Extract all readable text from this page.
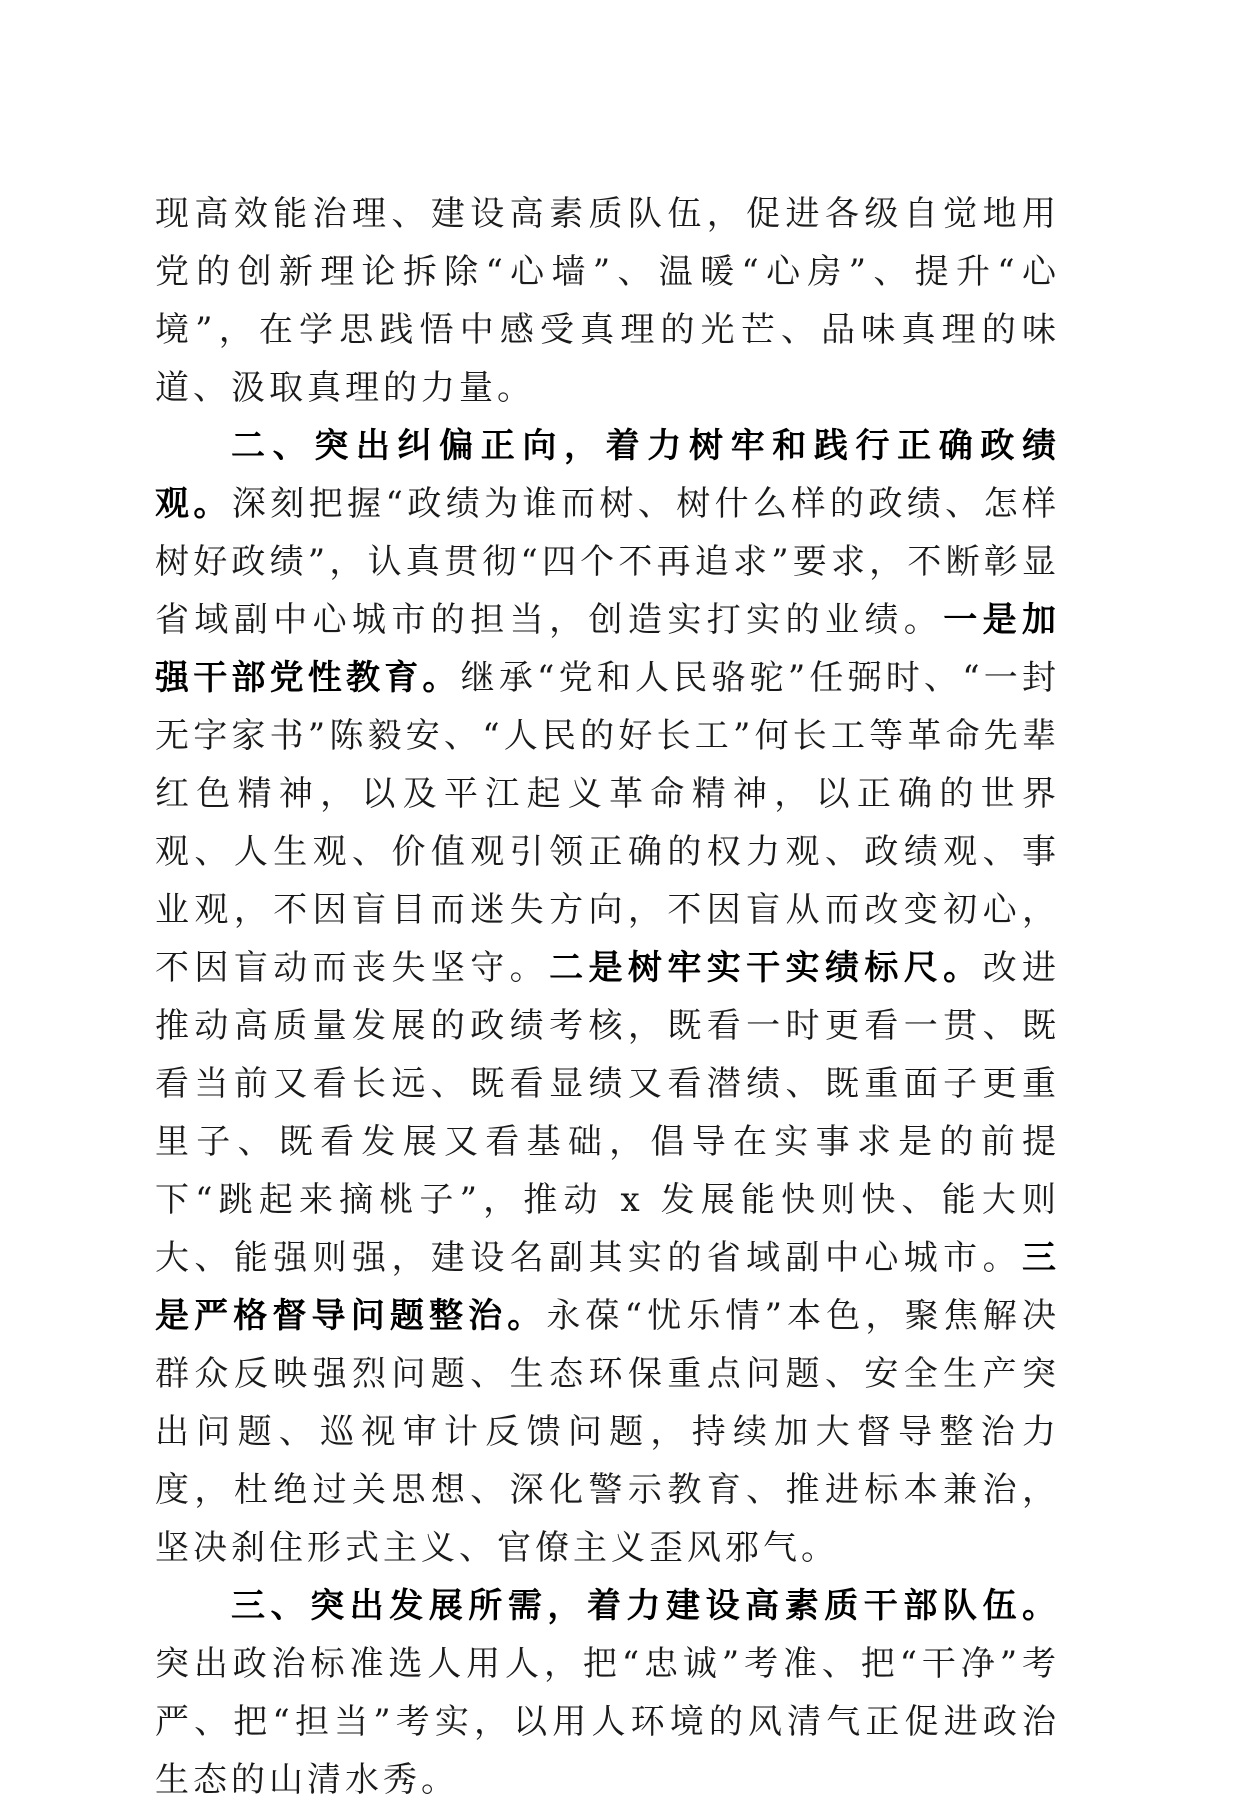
现高效能治理、建设高素质队伍，促进各级自觉地用党的创新理论拆除“心墙”、温暖“心房”、提升“心境”，在学思践悟中感受真理的光芒、品味真理的味道、汲取真理的力量。

二、突出纠偏正向，着力树牢和践行正确政绩观。深刻把握“政绩为谁而树、树什么样的政绩、怎样树好政绩”，认真贯彻“四个不再追求”要求，不断彰显省域副中心城市的担当，创造实打实的业绩。一是加强干部党性教育。继承“党和人民骆驼”任弼时、“一封无字家书”陈毅安、“人民的好长工”何长工等革命先辈红色精神，以及平江起义革命精神，以正确的世界观、人生观、价值观引领正确的权力观、政绩观、事业观，不因盲目而迷失方向，不因盲从而改变初心，不因盲动而丧失坚守。二是树牢实干实绩标尺。改进推动高质量发展的政绩考核，既看一时更看一贯、既看当前又看长远、既看显绩又看潜绩、既重面子更重里子、既看发展又看基础，倡导在实事求是的前提下“跳起来摘桃子”，推动 x 发展能快则快、能大则大、能强则强，建设名副其实的省域副中心城市。三是严格督导问题整治。永葆“忧乐情”本色，聚焦解决群众反映强烈问题、生态环保重点问题、安全生产突出问题、巡视审计反馈问题，持续加大督导整治力度，杜绝过关思想、深化警示教育、推进标本兼治，坚决刹住形式主义、官僚主义歪风邪气。

三、突出发展所需，着力建设高素质干部队伍。突出政治标准选人用人，把“忠诚”考准、把“干净”考严、把“担当”考实，以用人环境的风清气正促进政治生态的山清水秀。
